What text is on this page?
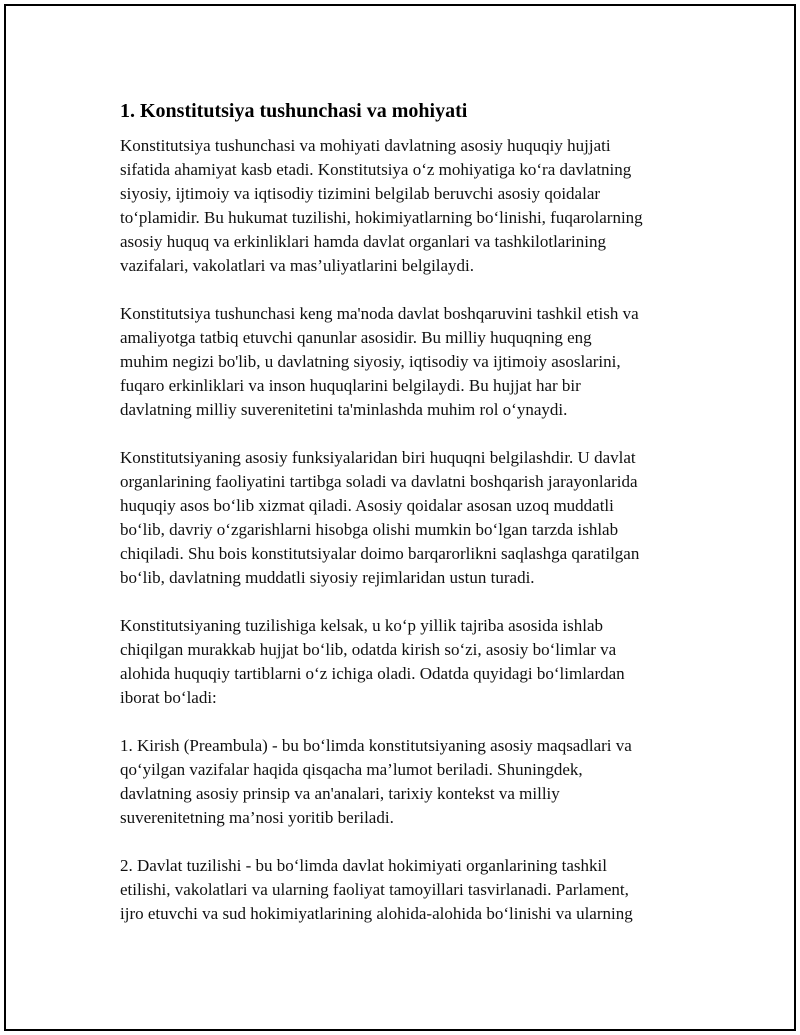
1. Konstitutsiya tushunchasi va mohiyati

Konstitutsiya tushunchasi va mohiyati davlatning asosiy huquqiy hujjati
sifatida ahamiyat kasb etadi. Konstitutsiya o‘z mohiyatiga ko‘ra davlatning
siyosiy, ijtimoiy va iqtisodiy tizimini belgilab beruvchi asosiy qoidalar
to‘plamidir. Bu hukumat tuzilishi, hokimiyatlarning bo‘linishi, fuqarolarning
asosiy huquq va erkinliklari hamda davlat organlari va tashkilotlarining
vazifalari, vakolatlari va mas’uliyatlarini belgilaydi.

Konstitutsiya tushunchasi keng ma'noda davlat boshqaruvini tashkil etish va
amaliyotga tatbiq etuvchi qanunlar asosidir. Bu milliy huquqning eng
muhim negizi bo'lib, u davlatning siyosiy, iqtisodiy va ijtimoiy asoslarini,
fuqaro erkinliklari va inson huquqlarini belgilaydi. Bu hujjat har bir
davlatning milliy suverenitetini ta'minlashda muhim rol o‘ynaydi.

Konstitutsiyaning asosiy funksiyalaridan biri huquqni belgilashdir. U davlat
organlarining faoliyatini tartibga soladi va davlatni boshqarish jarayonlarida
huquqiy asos bo‘lib xizmat qiladi. Asosiy qoidalar asosan uzoq muddatli
bo‘lib, davriy o‘zgarishlarni hisobga olishi mumkin bo‘lgan tarzda ishlab
chiqiladi. Shu bois konstitutsiyalar doimo barqarorlikni saqlashga qaratilgan
bo‘lib, davlatning muddatli siyosiy rejimlaridan ustun turadi.

Konstitutsiyaning tuzilishiga kelsak, u ko‘p yillik tajriba asosida ishlab
chiqilgan murakkab hujjat bo‘lib, odatda kirish so‘zi, asosiy bo‘limlar va
alohida huquqiy tartiblarni o‘z ichiga oladi. Odatda quyidagi bo‘limlardan
iborat bo‘ladi:

1. Kirish (Preambula) - bu bo‘limda konstitutsiyaning asosiy maqsadlari va
qo‘yilgan vazifalar haqida qisqacha ma’lumot beriladi. Shuningdek,
davlatning asosiy prinsip va an'analari, tarixiy kontekst va milliy
suverenitetning ma’nosi yoritib beriladi.

2. Davlat tuzilishi - bu bo‘limda davlat hokimiyati organlarining tashkil
etilishi, vakolatlari va ularning faoliyat tamoyillari tasvirlanadi. Parlament,
ijro etuvchi va sud hokimiyatlarining alohida-alohida bo‘linishi va ularning
